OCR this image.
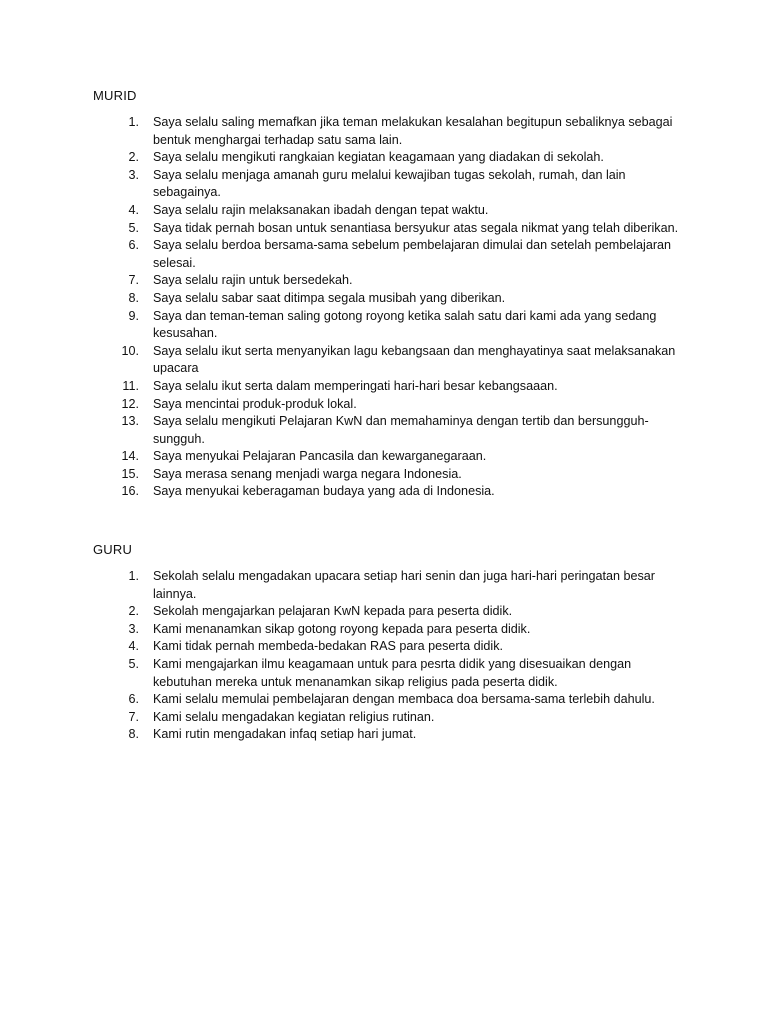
MURID
1.	Saya selalu saling memafkan jika teman melakukan kesalahan begitupun sebaliknya sebagai bentuk menghargai terhadap satu sama lain.
2.	Saya selalu mengikuti rangkaian kegiatan keagamaan yang diadakan di sekolah.
3.	Saya selalu menjaga amanah guru melalui kewajiban tugas sekolah, rumah, dan lain sebagainya.
4.	Saya selalu rajin melaksanakan ibadah dengan tepat waktu.
5.	Saya tidak pernah bosan untuk senantiasa bersyukur atas segala nikmat yang telah diberikan.
6.	Saya selalu berdoa bersama-sama sebelum pembelajaran dimulai dan setelah pembelajaran selesai.
7.	Saya selalu rajin untuk bersedekah.
8.	Saya selalu sabar saat ditimpa segala musibah yang diberikan.
9.	Saya dan teman-teman saling gotong royong ketika salah satu dari kami ada yang sedang kesusahan.
10.	Saya selalu ikut serta menyanyikan lagu kebangsaan dan menghayatinya saat melaksanakan upacara
11.	Saya selalu ikut serta dalam memperingati hari-hari besar kebangsaaan.
12.	Saya mencintai produk-produk lokal.
13.	Saya selalu mengikuti Pelajaran KwN dan memahaminya dengan tertib dan bersungguh-sungguh.
14.	Saya menyukai Pelajaran Pancasila dan kewarganegaraan.
15.	Saya merasa senang menjadi warga negara Indonesia.
16.	Saya menyukai keberagaman budaya yang ada di Indonesia.
GURU
1.	Sekolah selalu mengadakan upacara setiap hari senin dan juga hari-hari peringatan besar lainnya.
2.	Sekolah mengajarkan pelajaran KwN kepada para peserta didik.
3.	Kami menanamkan sikap gotong royong kepada para peserta didik.
4.	Kami tidak pernah membeda-bedakan RAS para peserta didik.
5.	Kami mengajarkan ilmu keagamaan untuk para pesrta didik yang disesuaikan dengan kebutuhan mereka untuk menanamkan sikap religius pada peserta didik.
6.	Kami selalu memulai pembelajaran dengan membaca doa bersama-sama terlebih dahulu.
7.	Kami selalu mengadakan kegiatan religius rutinan.
8.	Kami rutin mengadakan infaq setiap hari jumat.
